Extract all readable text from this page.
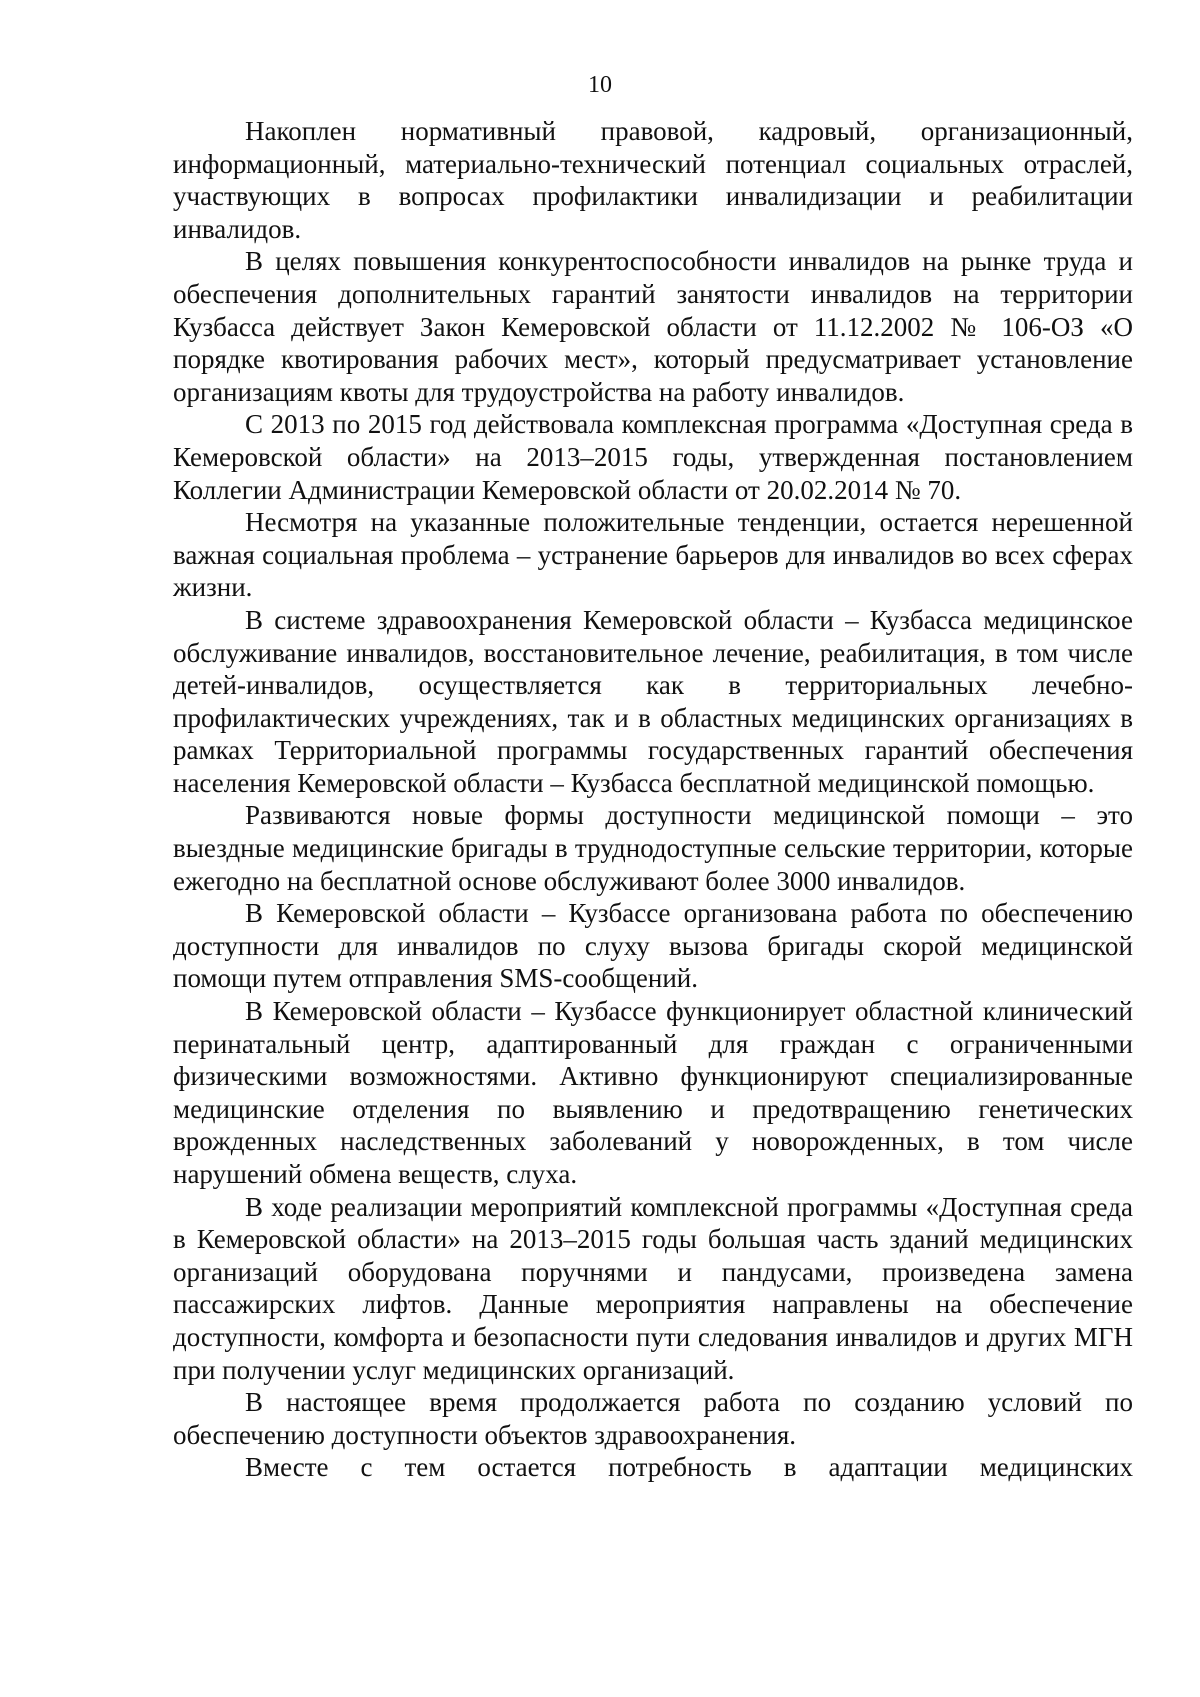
10

Накоплен нормативный правовой, кадровый, организационный, информационный, материально-технический потенциал социальных отраслей, участвующих в вопросах профилактики инвалидизации и реабилитации инвалидов.

В целях повышения конкурентоспособности инвалидов на рынке труда и обеспечения дополнительных гарантий занятости инвалидов на территории Кузбасса действует Закон Кемеровской области от 11.12.2002 № 106-ОЗ «О порядке квотирования рабочих мест», который предусматривает установление организациям квоты для трудоустройства на работу инвалидов.

С 2013 по 2015 год действовала комплексная программа «Доступная среда в Кемеровской области» на 2013–2015 годы, утвержденная постановлением Коллегии Администрации Кемеровской области от 20.02.2014 № 70.

Несмотря на указанные положительные тенденции, остается нерешенной важная социальная проблема – устранение барьеров для инвалидов во всех сферах жизни.

В системе здравоохранения Кемеровской области – Кузбасса медицинское обслуживание инвалидов, восстановительное лечение, реабилитация, в том числе детей-инвалидов, осуществляется как в территориальных лечебно-профилактических учреждениях, так и в областных медицинских организациях в рамках Территориальной программы государственных гарантий обеспечения населения Кемеровской области – Кузбасса бесплатной медицинской помощью.

Развиваются новые формы доступности медицинской помощи – это выездные медицинские бригады в труднодоступные сельские территории, которые ежегодно на бесплатной основе обслуживают более 3000 инвалидов.

В Кемеровской области – Кузбассе организована работа по обеспечению доступности для инвалидов по слуху вызова бригады скорой медицинской помощи путем отправления SMS-сообщений.

В Кемеровской области – Кузбассе функционирует областной клинический перинатальный центр, адаптированный для граждан с ограниченными физическими возможностями. Активно функционируют специализированные медицинские отделения по выявлению и предотвращению генетических врожденных наследственных заболеваний у новорожденных, в том числе нарушений обмена веществ, слуха.

В ходе реализации мероприятий комплексной программы «Доступная среда в Кемеровской области» на 2013–2015 годы большая часть зданий медицинских организаций оборудована поручнями и пандусами, произведена замена пассажирских лифтов. Данные мероприятия направлены на обеспечение доступности, комфорта и безопасности пути следования инвалидов и других МГН при получении услуг медицинских организаций.

В настоящее время продолжается работа по созданию условий по обеспечению доступности объектов здравоохранения.

Вместе с тем остается потребность в адаптации медицинских
